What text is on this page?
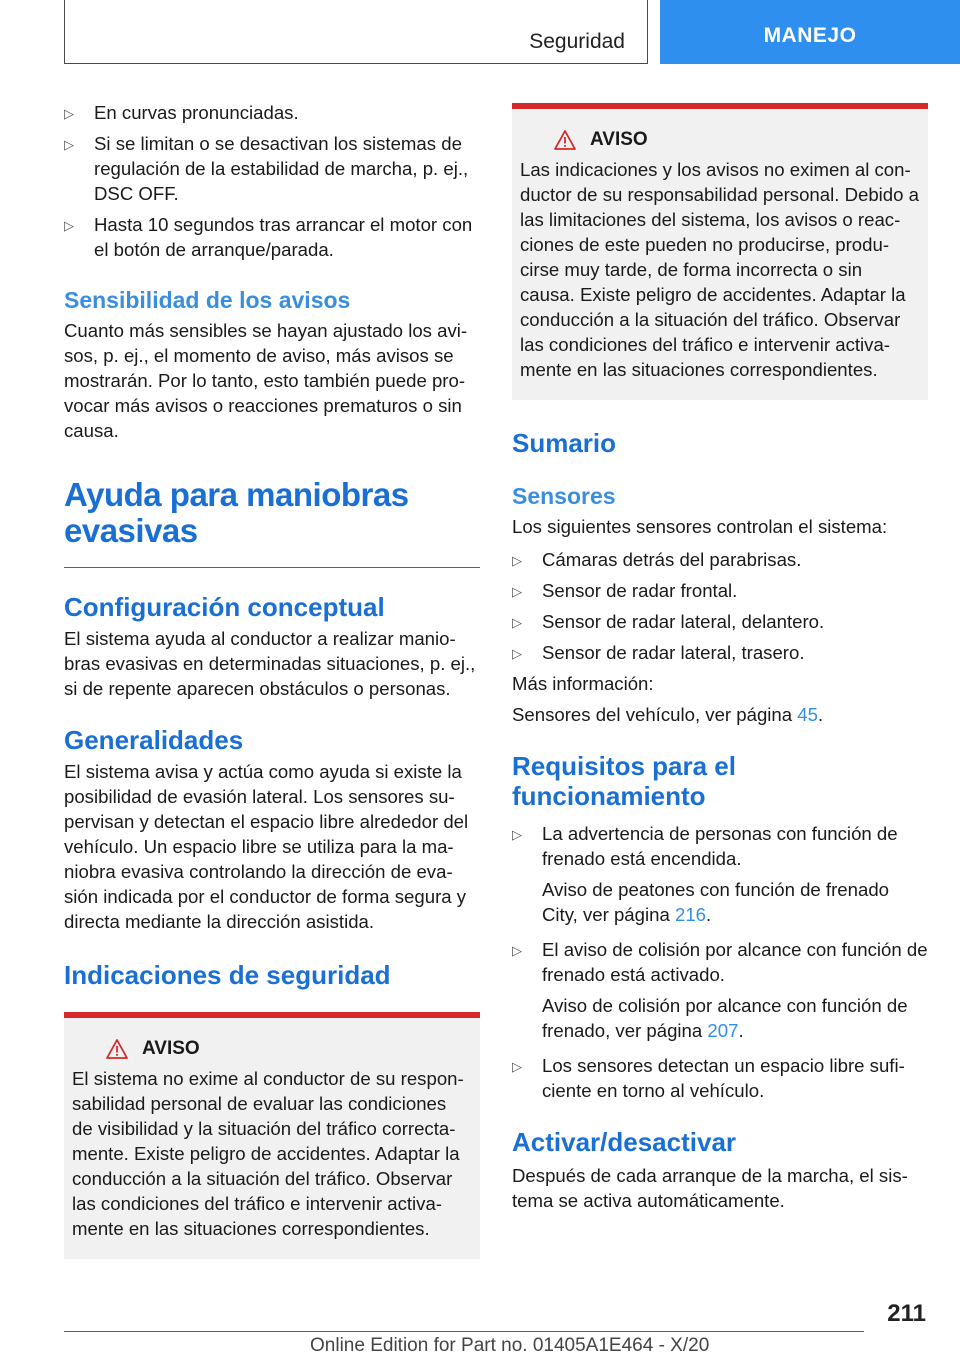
Seguridad	MANEJO
▷ En curvas pronunciadas.
▷ Si se limitan o se desactivan los sistemas de regulación de la estabilidad de marcha, p. ej., DSC OFF.
▷ Hasta 10 segundos tras arrancar el motor con el botón de arranque/parada.
Sensibilidad de los avisos

Cuanto más sensibles se hayan ajustado los avi‐ sos, p. ej., el momento de aviso, más avisos se mostrarán. Por lo tanto, esto también puede pro‐ vocar más avisos o reacciones prematuros o sin causa.

Ayuda para maniobras evasivas
Configuración conceptual

El sistema ayuda al conductor a realizar manio‐ bras evasivas en determinadas situaciones, p. ej., si de repente aparecen obstáculos o personas.

Generalidades

El sistema avisa y actúa como ayuda si existe la posibilidad de evasión lateral. Los sensores su‐ pervisan y detectan el espacio libre alrededor del vehículo. Un espacio libre se utiliza para la ma‐ niobra evasiva controlando la dirección de eva‐ sión indicada por el conductor de forma segura y directa mediante la dirección asistida.

Indicaciones de seguridad
AVISO

El sistema no exime al conductor de su respon‐ sabilidad personal de evaluar las condiciones de visibilidad y la situación del tráfico correcta‐ mente. Existe peligro de accidentes. Adaptar la conducción a la situación del tráfico. Observar las condiciones del tráfico e intervenir activa‐ mente en las situaciones correspondientes.

AVISO

Las indicaciones y los avisos no eximen al con‐ ductor de su responsabilidad personal. Debido a las limitaciones del sistema, los avisos o reac‐ ciones de este pueden no producirse, produ‐ cirse muy tarde, de forma incorrecta o sin causa. Existe peligro de accidentes. Adaptar la conducción a la situación del tráfico. Observar las condiciones del tráfico e intervenir activa‐ mente en las situaciones correspondientes.

Sumario
Sensores

Los siguientes sensores controlan el sistema:

▷ Cámaras detrás del parabrisas.
▷ Sensor de radar frontal.
▷ Sensor de radar lateral, delantero.
▷ Sensor de radar lateral, trasero.

Más información:

Sensores del vehículo, ver página 45.

Requisitos para el funcionamiento
▷ La advertencia de personas con función de frenado está encendida.
Aviso de peatones con función de frenado City, ver página 216.
▷ El aviso de colisión por alcance con función de frenado está activado.
Aviso de colisión por alcance con función de frenado, ver página 207.
▷ Los sensores detectan un espacio libre sufi‐ ciente en torno al vehículo.
Activar/desactivar

Después de cada arranque de la marcha, el sis‐ tema se activa automáticamente.

211
Online Edition for Part no. 01405A1E464 - X/20
